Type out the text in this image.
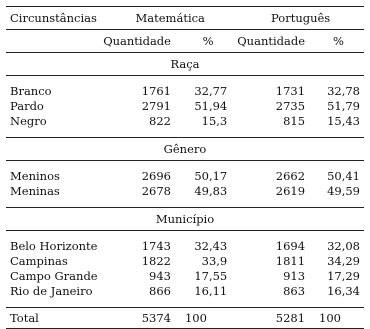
Circunstâncias	Matemática		Português	
	Quantidade	%	Quantidade	%
Raça				

Branco	1761	32,77	1731	32,78
Pardo	2791	51,94	2735	51,79
Negro	822	15,3	815	15,43

Gênero				

Meninos	2696	50,17	2662	50,41
Meninas	2678	49,83	2619	49,59

Município				

Belo Horizonte	1743	32,43	1694	32,08
Campinas	1822	33,9	1811	34,29
Campo Grande	943	17,55	913	17,29
Rio de Janeiro	866	16,11	863	16,34

Total	5374	100	5281	100
